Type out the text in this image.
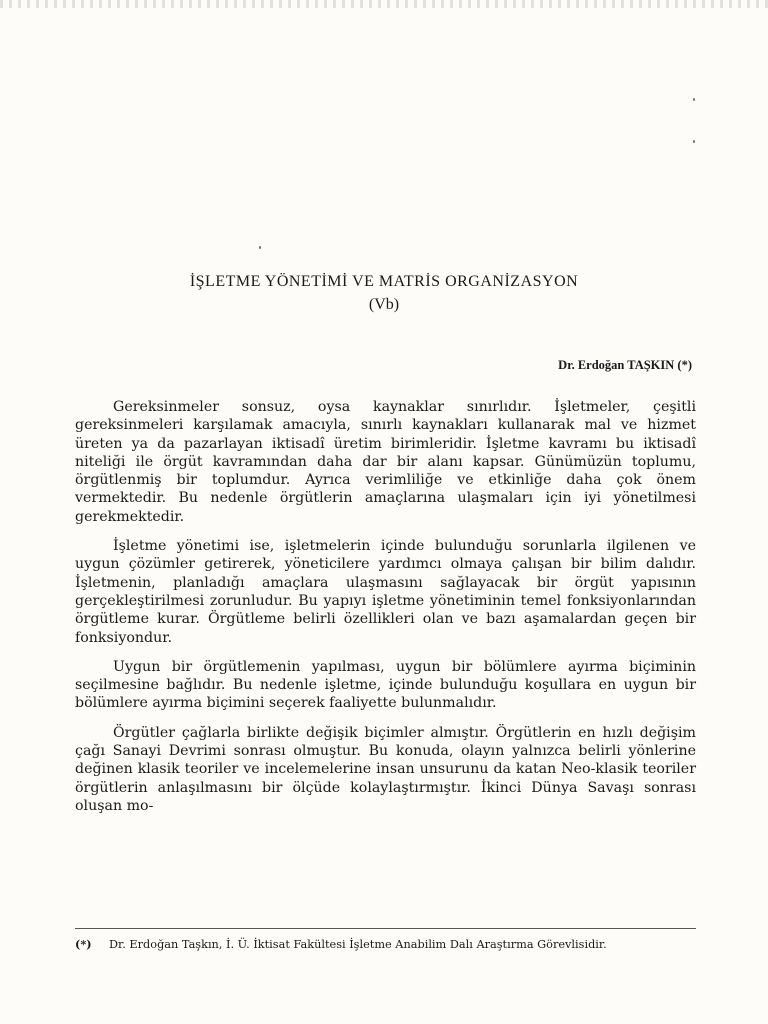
İŞLETME YÖNETİMİ VE MATRİS ORGANİZASYON
(Vb)
Dr. Erdoğan TAŞKIN (*)

Gereksinmeler sonsuz, oysa kaynaklar sınırlıdır. İşletmeler, çeşitli gereksinmeleri karşılamak amacıyla, sınırlı kaynakları kullanarak mal ve hizmet üreten ya da pazarlayan iktisadî üretim birimleridir. İşletme kavramı bu iktisadî niteliği ile örgüt kavramından daha dar bir alanı kapsar. Günümüzün toplumu, örgütlenmiş bir toplumdur. Ayrıca verimliliğe ve etkinliğe daha çok önem vermektedir. Bu nedenle örgütlerin amaçlarına ulaşmaları için iyi yönetilmesi gerekmektedir.

İşletme yönetimi ise, işletmelerin içinde bulunduğu sorunlarla ilgilenen ve uygun çözümler getirerek, yöneticilere yardımcı olmaya çalışan bir bilim dalıdır. İşletmenin, planladığı amaçlara ulaşmasını sağlayacak bir örgüt yapısının gerçekleştirilmesi zorunludur. Bu yapıyı işletme yönetiminin temel fonksiyonlarından örgütleme kurar. Örgütleme belirli özellikleri olan ve bazı aşamalardan geçen bir fonksiyondur.

Uygun bir örgütlemenin yapılması, uygun bir bölümlere ayırma biçiminin seçilmesine bağlıdır. Bu nedenle işletme, içinde bulunduğu koşullara en uygun bir bölümlere ayırma biçimini seçerek faaliyette bulunmalıdır.

Örgütler çağlarla birlikte değişik biçimler almıştır. Örgütlerin en hızlı değişim çağı Sanayi Devrimi sonrası olmuştur. Bu konuda, olayın yalnızca belirli yönlerine değinen klasik teoriler ve incelemelerine insan unsurunu da katan Neo-klasik teoriler örgütlerin anlaşılmasını bir ölçüde kolaylaştırmıştır. İkinci Dünya Savaşı sonrası oluşan mo-

(*) Dr. Erdoğan Taşkın, İ. Ü. İktisat Fakültesi İşletme Anabilim Dalı Araştırma Görevlisidir.
